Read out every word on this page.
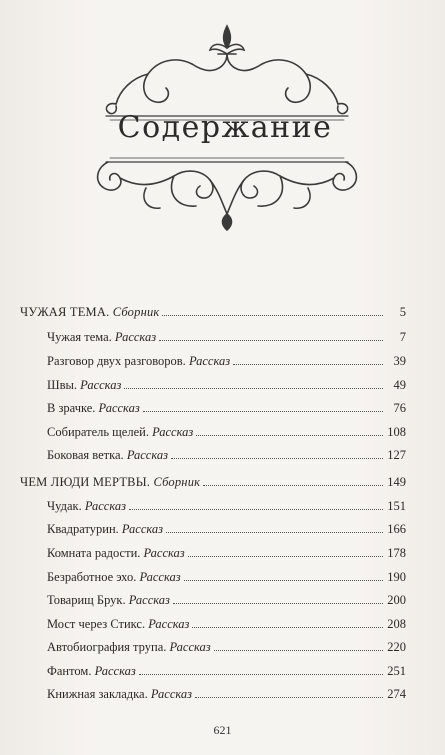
Содержание
ЧУЖАЯ ТЕМА. Сборник	5
Чужая тема. Рассказ	7
Разговор двух разговоров. Рассказ	39
Швы. Рассказ	49
В зрачке. Рассказ	76
Собиратель щелей. Рассказ	108
Боковая ветка. Рассказ	127
ЧЕМ ЛЮДИ МЕРТВЫ. Сборник	149
Чудак. Рассказ	151
Квадратурин. Рассказ	166
Комната радости. Рассказ	178
Безработное эхо. Рассказ	190
Товарищ Брук. Рассказ	200
Мост через Стикс. Рассказ	208
Автобиография трупа. Рассказ	220
Фантом. Рассказ	251
Книжная закладка. Рассказ	274
621
